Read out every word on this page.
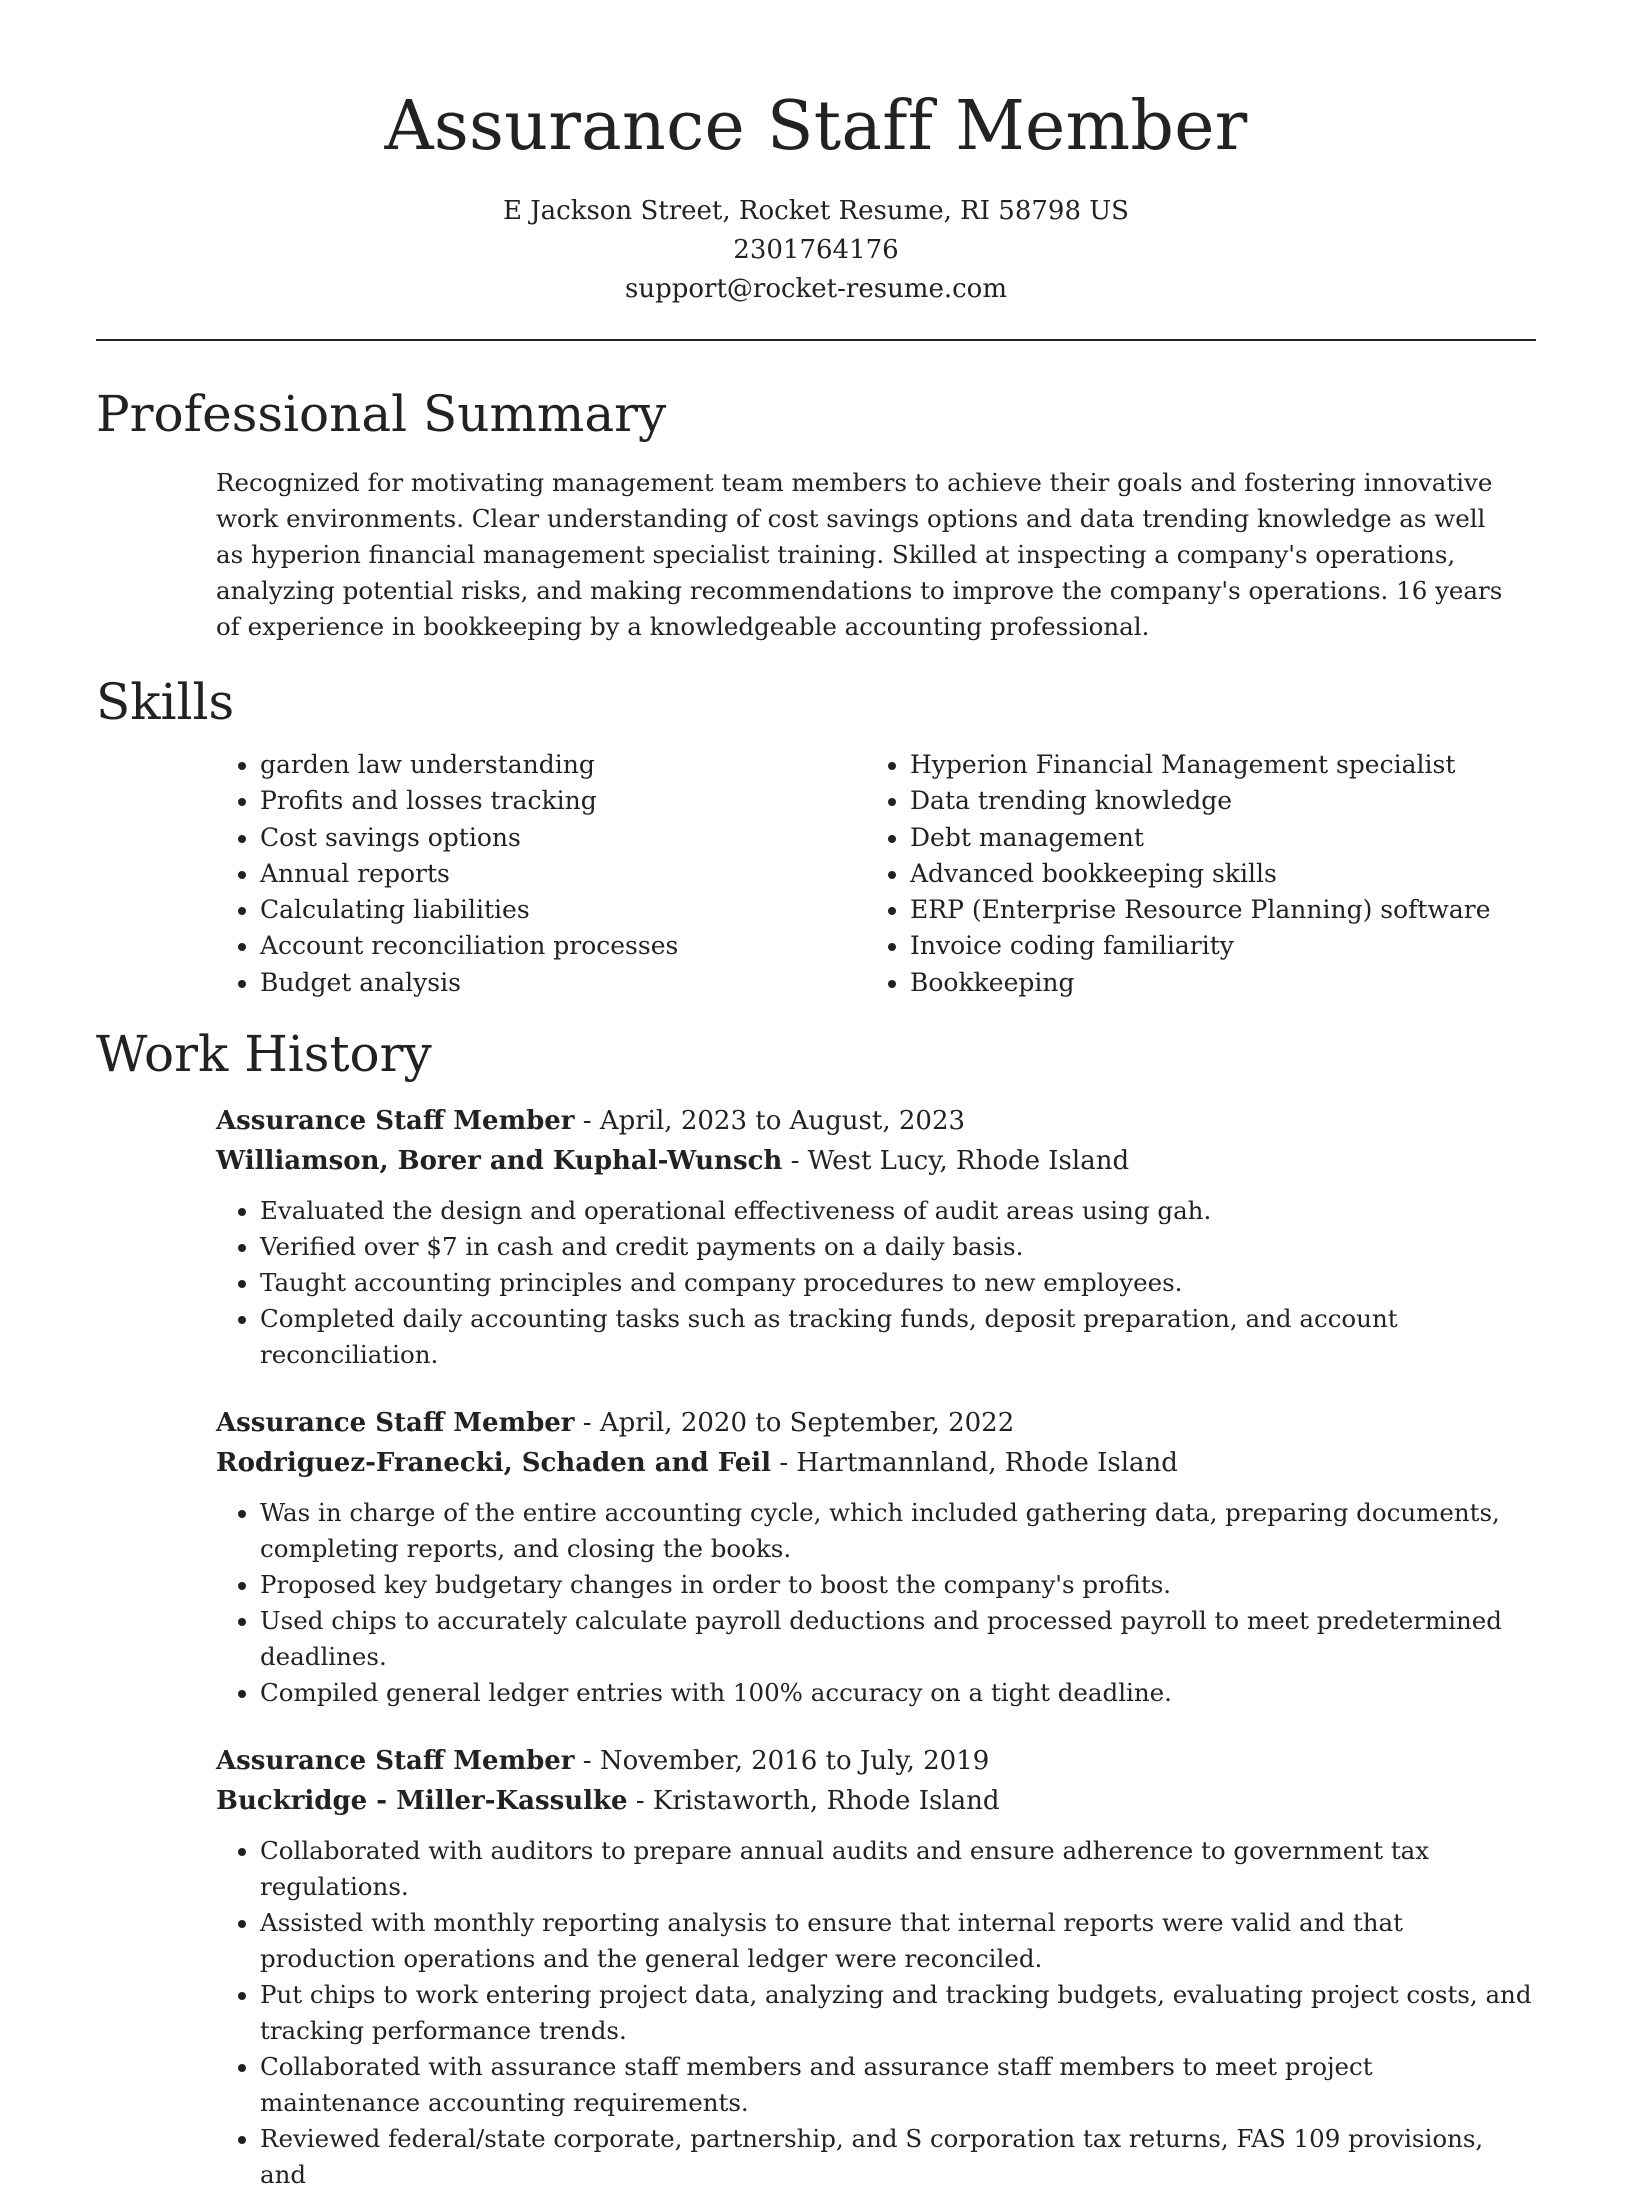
Assurance Staff Member
E Jackson Street, Rocket Resume, RI 58798 US
2301764176
support@rocket-resume.com
Professional Summary

Recognized for motivating management team members to achieve their goals and fostering innovative work environments. Clear understanding of cost savings options and data trending knowledge as well as hyperion financial management specialist training. Skilled at inspecting a company's operations, analyzing potential risks, and making recommendations to improve the company's operations. 16 years of experience in bookkeeping by a knowledgeable accounting professional.

Skills
• garden law understanding
• Profits and losses tracking
• Cost savings options
• Annual reports
• Calculating liabilities
• Account reconciliation processes
• Budget analysis
• Hyperion Financial Management specialist
• Data trending knowledge
• Debt management
• Advanced bookkeeping skills
• ERP (Enterprise Resource Planning) software
• Invoice coding familiarity
• Bookkeeping
Work History
Assurance Staff Member - April, 2023 to August, 2023
Williamson, Borer and Kuphal-Wunsch - West Lucy, Rhode Island
• Evaluated the design and operational effectiveness of audit areas using gah.
• Verified over $7 in cash and credit payments on a daily basis.
• Taught accounting principles and company procedures to new employees.
• Completed daily accounting tasks such as tracking funds, deposit preparation, and account reconciliation.
Assurance Staff Member - April, 2020 to September, 2022
Rodriguez-Franecki, Schaden and Feil - Hartmannland, Rhode Island
• Was in charge of the entire accounting cycle, which included gathering data, preparing documents, completing reports, and closing the books.
• Proposed key budgetary changes in order to boost the company's profits.
• Used chips to accurately calculate payroll deductions and processed payroll to meet predetermined deadlines.
• Compiled general ledger entries with 100% accuracy on a tight deadline.
Assurance Staff Member - November, 2016 to July, 2019
Buckridge - Miller-Kassulke - Kristaworth, Rhode Island
• Collaborated with auditors to prepare annual audits and ensure adherence to government tax regulations.
• Assisted with monthly reporting analysis to ensure that internal reports were valid and that production operations and the general ledger were reconciled.
• Put chips to work entering project data, analyzing and tracking budgets, evaluating project costs, and tracking performance trends.
• Collaborated with assurance staff members and assurance staff members to meet project maintenance accounting requirements.
• Reviewed federal/state corporate, partnership, and S corporation tax returns, FAS 109 provisions, and
